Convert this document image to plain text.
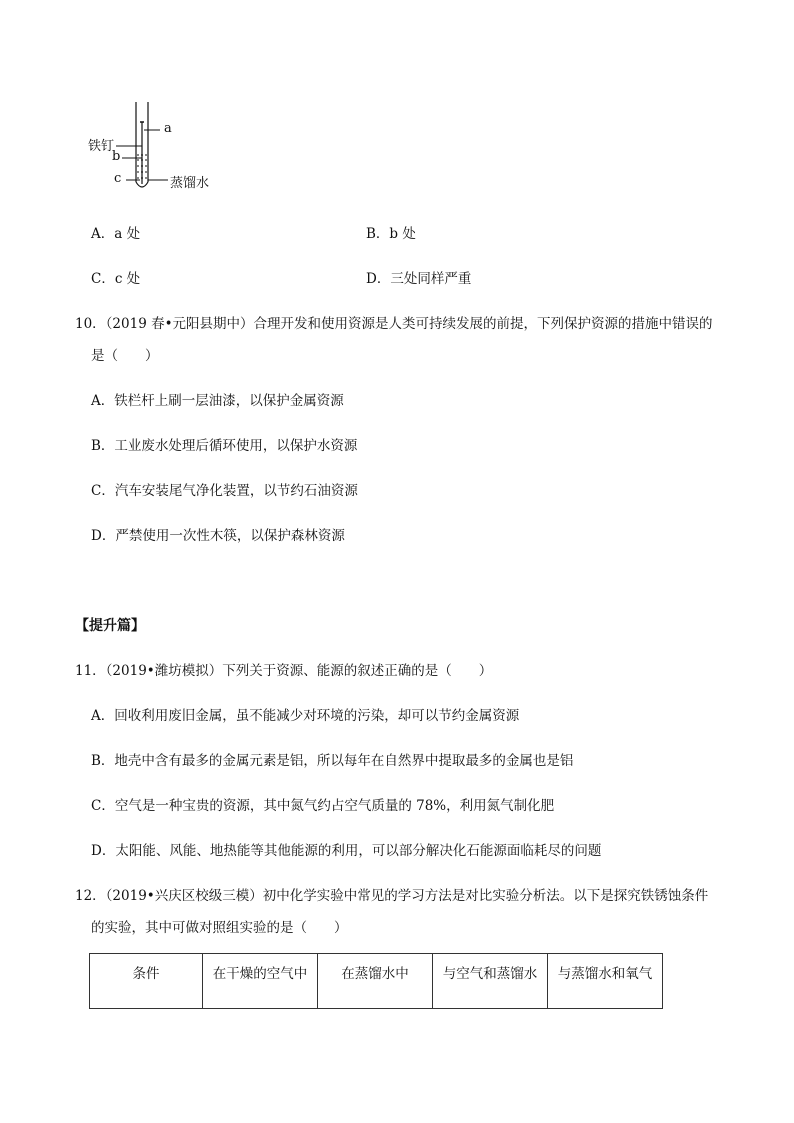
a
铁钉
b
c	蒸馏水
A．a 处	B．b 处
C．c 处	D．三处同样严重
10．（2019 春•元阳县期中）合理开发和使用资源是人类可持续发展的前提，下列保护资源的措施中错误的
是（　　）
A．铁栏杆上刷一层油漆，以保护金属资源
B．工业废水处理后循环使用，以保护水资源
C．汽车安装尾气净化装置，以节约石油资源
D．严禁使用一次性木筷，以保护森林资源
【提升篇】
11．（2019•潍坊模拟）下列关于资源、能源的叙述正确的是（　　）
A．回收利用废旧金属，虽不能减少对环境的污染，却可以节约金属资源
B．地壳中含有最多的金属元素是铝，所以每年在自然界中提取最多的金属也是铝
C．空气是一种宝贵的资源，其中氮气约占空气质量的 78%，利用氮气制化肥
D．太阳能、风能、地热能等其他能源的利用，可以部分解决化石能源面临耗尽的问题
12．（2019•兴庆区校级三模）初中化学实验中常见的学习方法是对比实验分析法。以下是探究铁锈蚀条件
的实验，其中可做对照组实验的是（　　）
条件	在干燥的空气中	在蒸馏水中	与空气和蒸馏水	与蒸馏水和氧气
